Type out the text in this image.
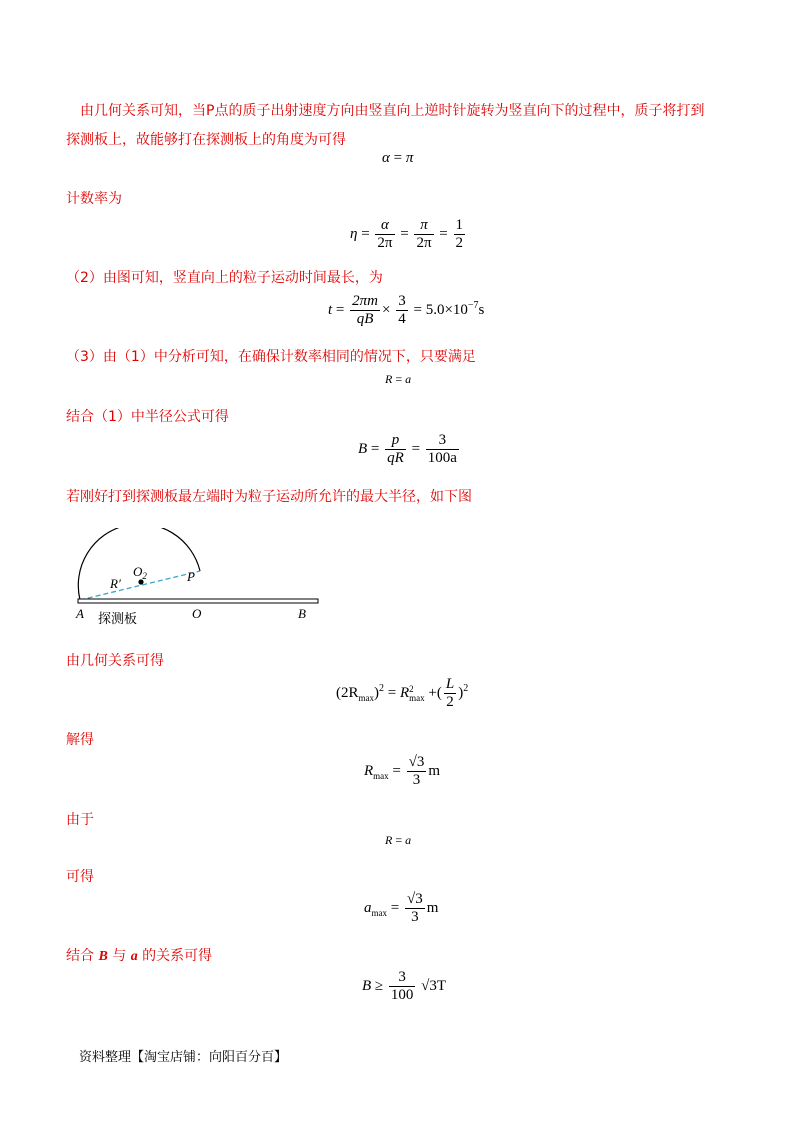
由几何关系可知，当P点的质子出射速度方向由竖直向上逆时针旋转为竖直向下的过程中，质子将打到
探测板上，故能够打在探测板上的角度为可得
α = π
计数率为
$\eta = \frac{\alpha}{2\pi} = \frac{\pi}{2\pi} = \frac{1}{2}$
（2）由图可知，竖直向上的粒子运动时间最长，为
$t = \frac{2\pi m}{qB} \times \frac{3}{4} = 5.0\times 10^{-7}s$
（3）由（1）中分析可知，在确保计数率相同的情况下，只要满足
R = a
结合（1）中半径公式可得
$B = \frac{p}{qR} = \frac{3}{100a}$
若刚好打到探测板最左端时为粒子运动所允许的最大半径，如下图
R′
$O_2$	P
A	O	B
探测板
由几何关系可得
$(2R_{max})^2 = R$ 2
max +( $\frac{L}{2} )^2$
解得
$R_{max} = \frac{√3}{3}$ m
由于
R = a
可得
$a_{max} = \frac{√3}{3}$ m
结合 B 与 a 的关系可得
$B \ge \frac{3}{100} √3T$
资料整理【淘宝店铺：向阳百分百】
